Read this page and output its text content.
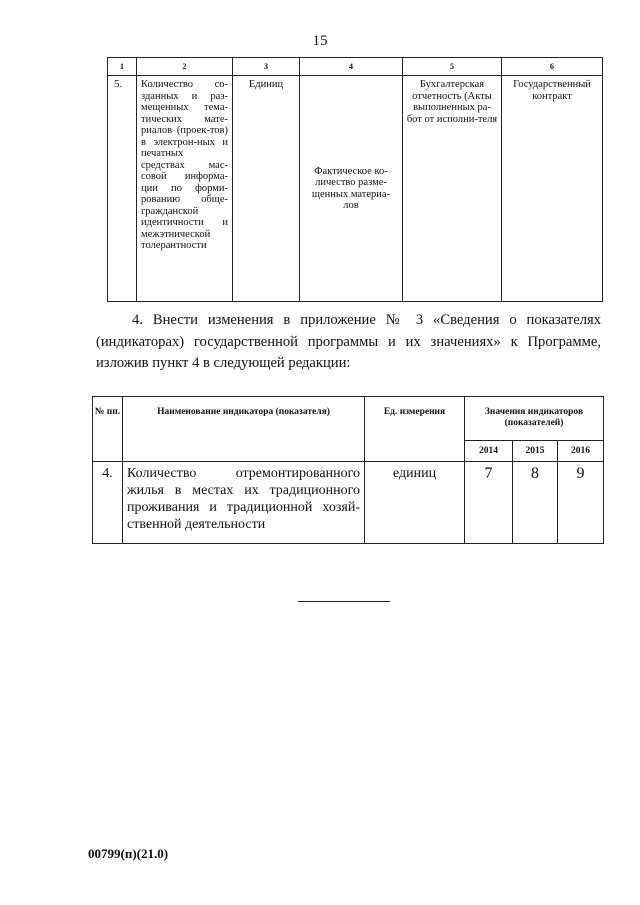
15
1	2	3	4	5	6
5.	Количество со-зданных и раз-мещенных тема-тических мате-риалов (проек-тов) в электрон-ных и печатных средствах мас-совой информа-ции по форми-рованию обще-гражданской идентичности и межэтнической толерантности	Единиц	Фактическое ко-личество разме-щенных материа-лов	Бухгалтерская отчетность (Акты выполненных ра-бот от исполни-теля	Государственный контракт
4. Внести изменения в приложение № 3 «Сведения о показателях (индикаторах) государственной программы и их значениях» к Программе, изложив пункт 4 в следующей редакции:
№ пп.	Наименование индикатора (показателя)	Ед. измерения	Значения индикаторов (показателей)		
			2014	2015	2016
4.	Количество отремонтированного жилья в местах их традиционного проживания и традиционной хозяй-ственной деятельности	единиц	7	8	9
00799(п)(21.0)
